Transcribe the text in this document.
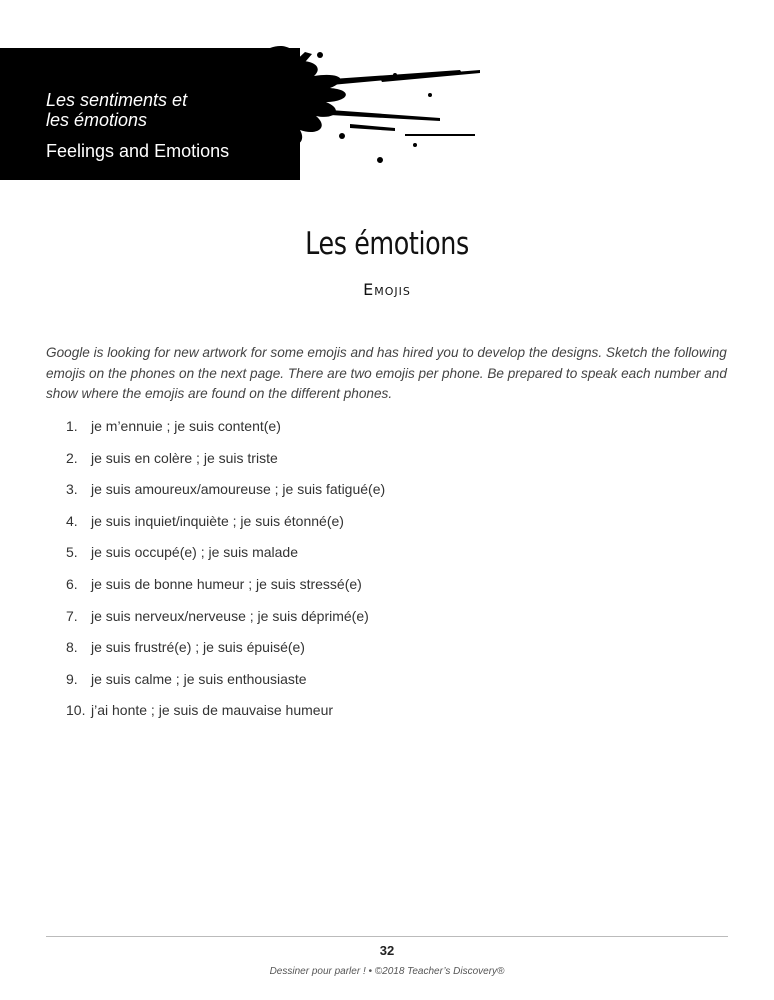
Les sentiments et
les émotions
Feelings and Emotions
Les émotions
Emojis

Google is looking for new artwork for some emojis and has hired you to develop the designs. Sketch the following emojis on the phones on the next page. There are two emojis per phone. Be prepared to speak each number and show where the emojis are found on the different phones.

1. je m’ennuie ; je suis content(e)
2. je suis en colère ; je suis triste
3. je suis amoureux/amoureuse ; je suis fatigué(e)
4. je suis inquiet/inquiète ; je suis étonné(e)
5. je suis occupé(e) ; je suis malade
6. je suis de bonne humeur ; je suis stressé(e)
7. je suis nerveux/nerveuse ; je suis déprimé(e)
8. je suis frustré(e) ; je suis épuisé(e)
9. je suis calme ; je suis enthousiaste
10. j’ai honte ; je suis de mauvaise humeur
32
Dessiner pour parler ! • ©2018 Teacher’s Discovery®
